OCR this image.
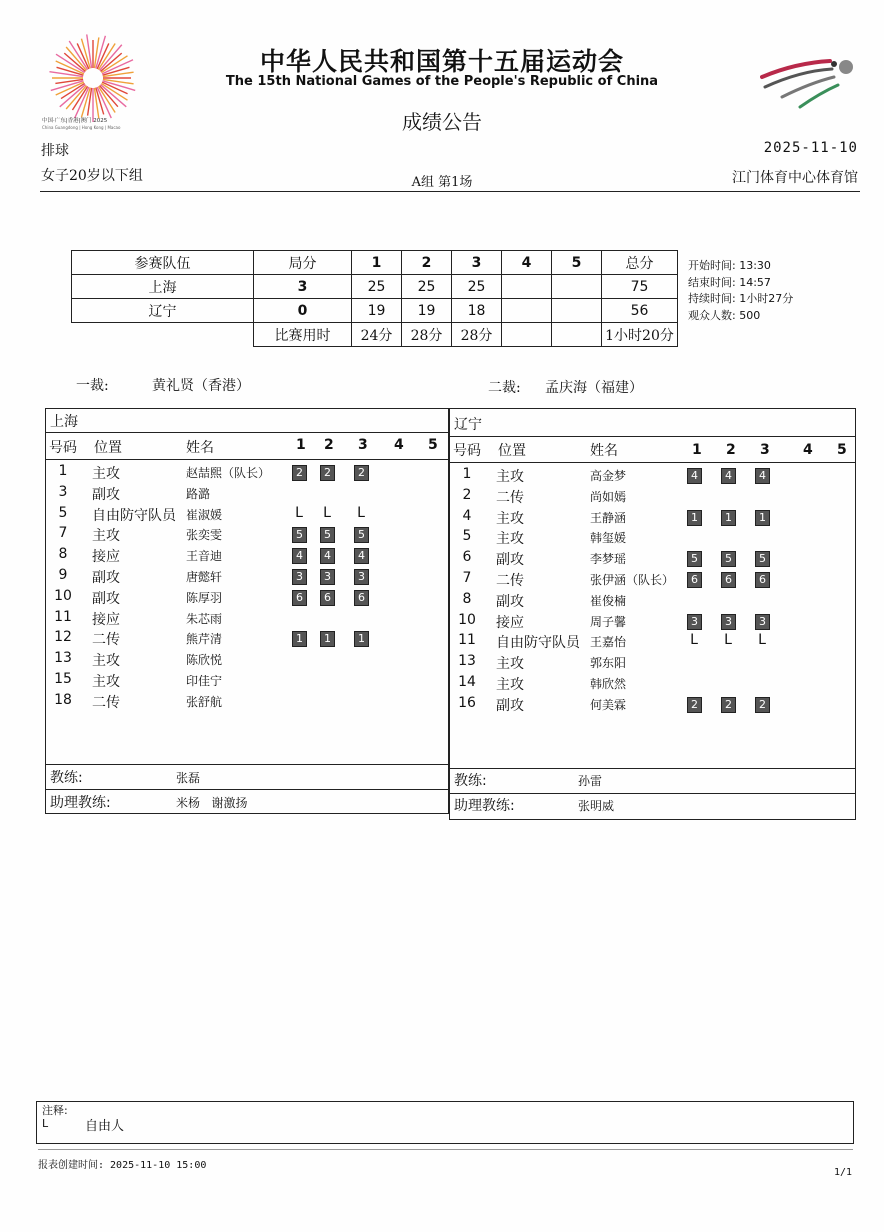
中国·广东|香港|澳门 2025
China Guangdong | Hong Kong | Macao
中华人民共和国第十五届运动会
The 15th National Games of the People's Republic of China
成绩公告
排球	2025-11-10
女子20岁以下组	A组 第1场	江门体育中心体育馆
参赛队伍	局分	1	2	3	4	5	总分
上海	3	25	25	25			75
辽宁	0	19	19	18			56
	比赛用时	24分	28分	28分			1小时20分
开始时间: 13:30
结束时间: 14:57
持续时间: 1小时27分
观众人数: 500
一裁:	黄礼贤（香港）	二裁: 孟庆海（福建）
上海
号码 位置	姓名	1 2 3 4 5
1	主攻	赵喆熙（队长）	2	2	2
3	副攻	路潞
5	自由防守队员 崔淑媛	L L L
7	主攻	张奕雯	5	5	5
8	接应	王音迪	4	4	4
9	副攻	唐懿轩	3	3	3
10	副攻	陈厚羽	6	6	6
11	接应	朱芯雨
12	二传	熊芹清	1	1	1
13	主攻	陈欣悦
15	主攻	印佳宁
18	二传	张舒航
教练:	张磊
助理教练:	米杨   谢激扬
辽宁
号码 位置	姓名	1 2 3 4 5
1	主攻	高金梦	4	4	4
2	二传	尚如嫣
4	主攻	王静涵	1	1	1
5	主攻	韩玺媛
6	副攻	李梦瑶	5	5	5
7	二传	张伊涵（队长）	6	6	6
8	副攻	崔俊楠
10	接应	周子馨	3	3	3
11	自由防守队员 王嘉怡	L L L
13	主攻	郭东阳
14	主攻	韩欣然
16	副攻	何美霖	2	2	2
教练:	孙雷
助理教练:	张明威
注释:
L	自由人
报表创建时间: 2025-11-10 15:00
1/1
